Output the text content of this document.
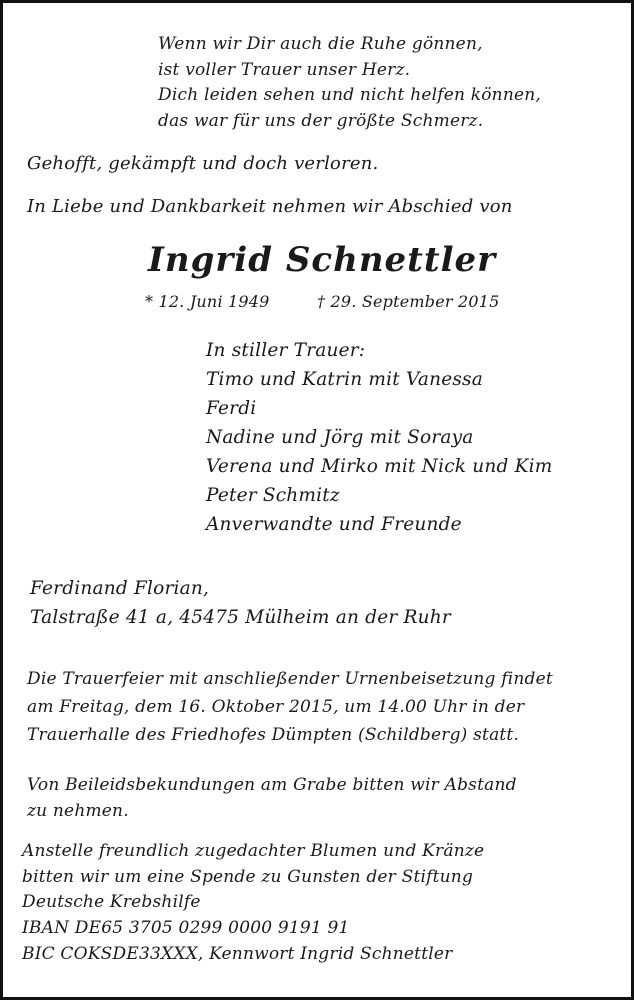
Wenn wir Dir auch die Ruhe gönnen,

ist voller Trauer unser Herz.

Dich leiden sehen und nicht helfen können,

das war für uns der größte Schmerz.

Gehofft, gekämpft und doch verloren.

In Liebe und Dankbarkeit nehmen wir Abschied von

Ingrid Schnettler

* 12. Juni 1949	† 29. September 2015

In stiller Trauer:

Timo und Katrin mit Vanessa

Ferdi

Nadine und Jörg mit Soraya

Verena und Mirko mit Nick und Kim

Peter Schmitz

Anverwandte und Freunde

Ferdinand Florian,

Talstraße 41 a, 45475 Mülheim an der Ruhr

Die Trauerfeier mit anschließender Urnenbeisetzung findet

am Freitag, dem 16. Oktober 2015, um 14.00 Uhr in der

Trauerhalle des Friedhofes Dümpten (Schildberg) statt.

Von Beileidsbekundungen am Grabe bitten wir Abstand

zu nehmen.

Anstelle freundlich zugedachter Blumen und Kränze

bitten wir um eine Spende zu Gunsten der Stiftung

Deutsche Krebshilfe

IBAN DE65 3705 0299 0000 9191 91

BIC COKSDE33XXX, Kennwort Ingrid Schnettler
